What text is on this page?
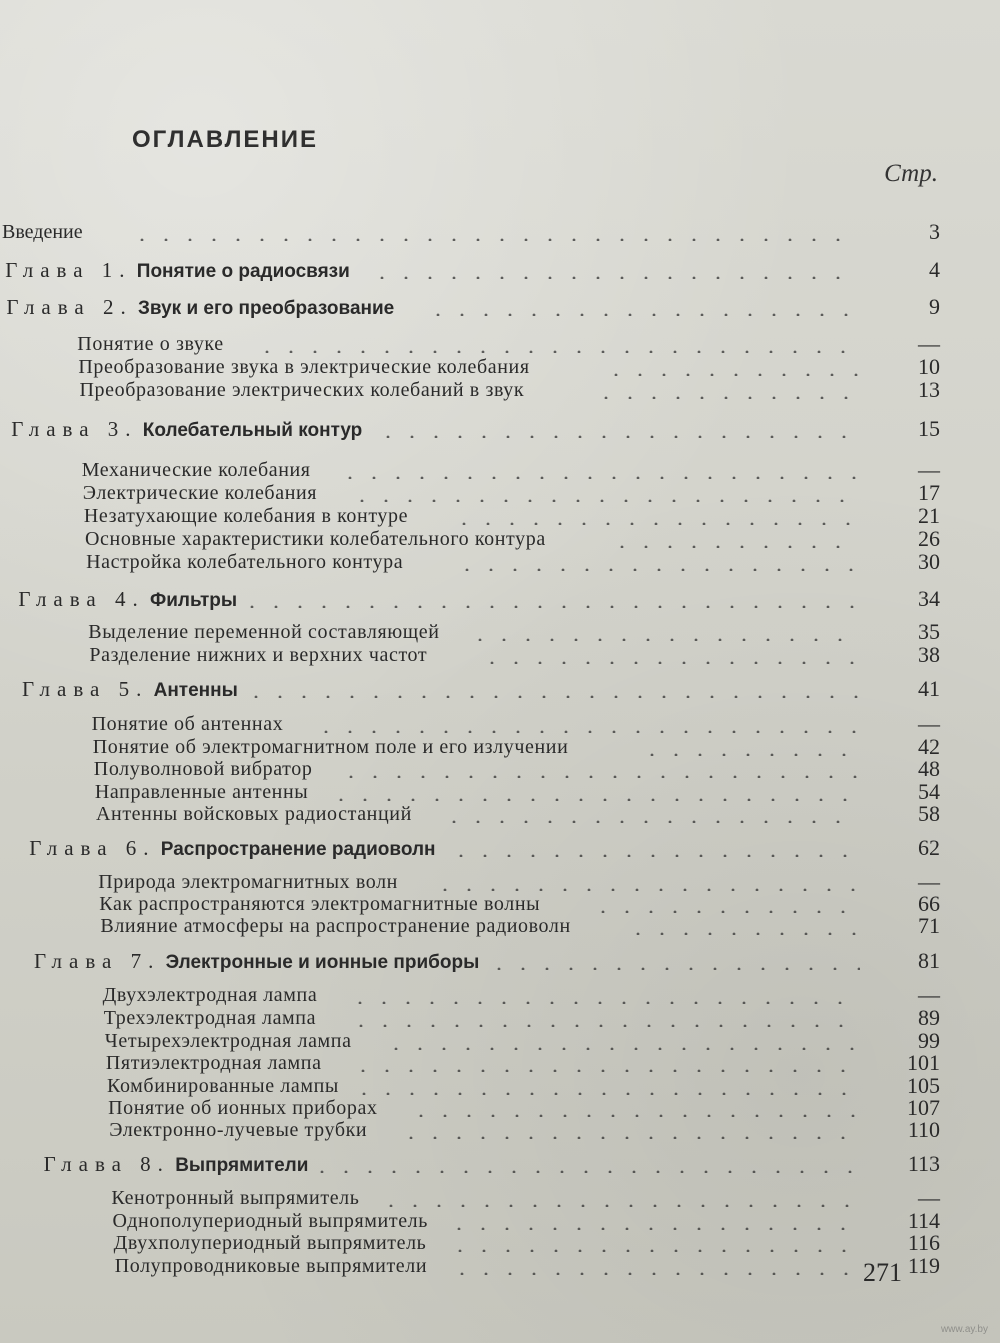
ОГЛАВЛЕНИЕ
Стр.
Введение	3
Глава 1. Понятие о радиосвязи	4
Глава 2. Звук и его преобразование	9
Понятие о звуке	—
Преобразование звука в электрические колебания	10
Преобразование электрических колебаний в звук	13
Глава 3. Колебательный контур	15
Механические колебания	—
Электрические колебания	17
Незатухающие колебания в контуре	21
Основные характеристики колебательного контура	26
Настройка колебательного контура	30
Глава 4. Фильтры	34
Выделение переменной составляющей	35
Разделение нижних и верхних частот	38
Глава 5. Антенны	41
Понятие об антеннах	—
Понятие об электромагнитном поле и его излучении	42
Полуволновой вибратор	48
Направленные антенны	54
Антенны войсковых радиостанций	58
Глава 6. Распространение радиоволн	62
Природа электромагнитных волн	—
Как распространяются электромагнитные волны	66
Влияние атмосферы на распространение радиоволн	71
Глава 7. Электронные и ионные приборы	81
Двухэлектродная лампа	—
Трехэлектродная лампа	89
Четырехэлектродная лампа	99
Пятиэлектродная лампа	101
Комбинированные лампы	105
Понятие об ионных приборах	107
Электронно-лучевые трубки	110
Глава 8. Выпрямители	113
Кенотронный выпрямитель	—
Однополупериодный выпрямитель	114
Двухполупериодный выпрямитель	116
Полупроводниковые выпрямители	119
271
www.ay.by
